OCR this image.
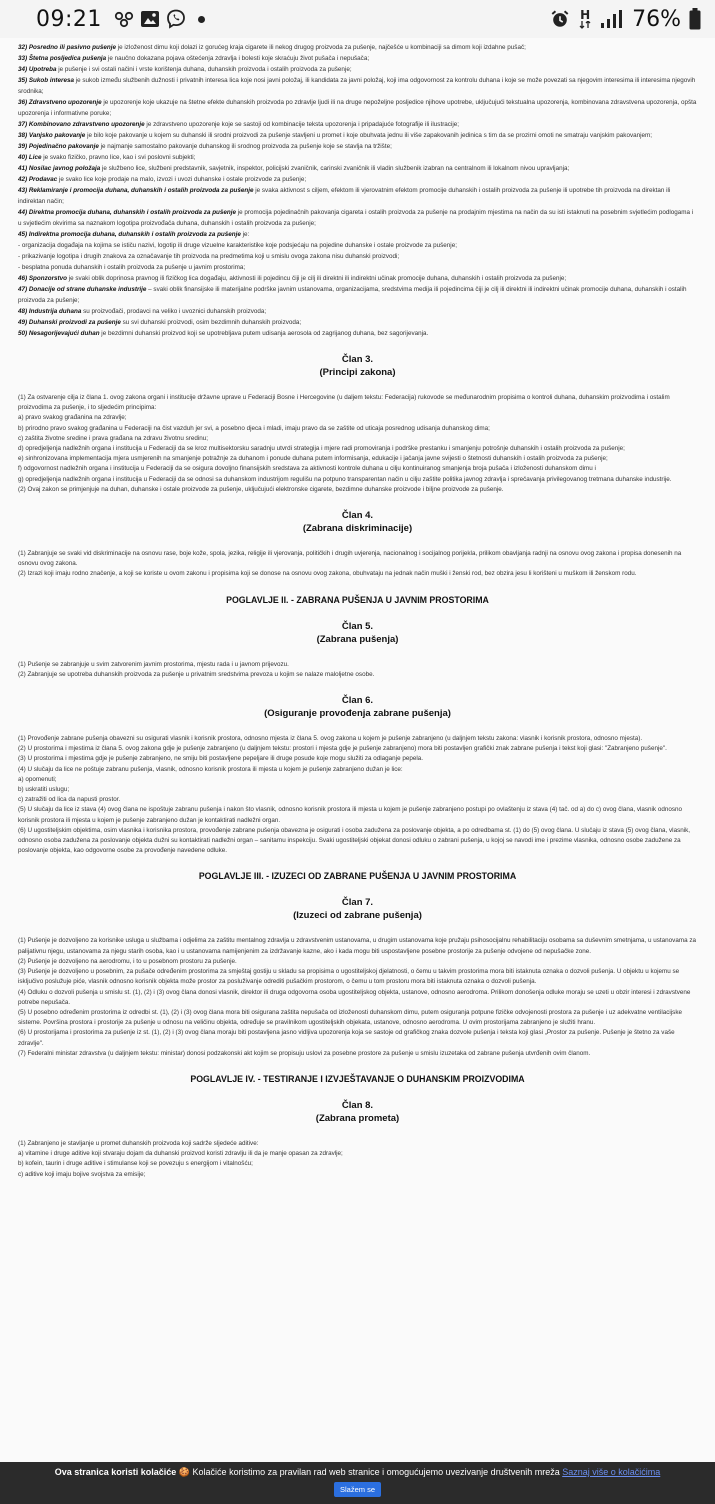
09:21	H 76%

32) Posredno ili pasivno pušenje je izloženost dimu koji dolazi iz gorućeg kraja cigarete ili nekog drugog proizvoda za pušenje, najčešće u kombinaciji sa dimom koji izdahne pušač;

33) Štetna posljedica pušenja je naučno dokazana pojava oštećenja zdravlja i bolesti koje skraćuju život pušača i nepušača;

34) Upotreba je pušenje i svi ostali načini i vrste korištenja duhana, duhanskih proizvoda i ostalih proizvoda za pušenje;

35) Sukob interesa je sukob između službenih dužnosti i privatnih interesa lica koje nosi javni položaj, ili kandidata za javni položaj, koji ima odgovornost za kontrolu duhana i koje se može povezati sa njegovim interesima ili interesima njegovih srodnika;

36) Zdravstveno upozorenje je upozorenje koje ukazuje na štetne efekte duhanskih proizvoda po zdravlje ljudi ili na druge nepoželjne posljedice njihove upotrebe, uključujući tekstualna upozorenja, kombinovana zdravstvena upozorenja, opšta upozorenja i informativne poruke;

37) Kombinovano zdravstveno upozorenje je zdravstveno upozorenje koje se sastoji od kombinacije teksta upozorenja i pripadajuće fotografije ili ilustracije;

38) Vanjsko pakovanje je bilo koje pakovanje u kojem su duhanski ili srodni proizvodi za pušenje stavljeni u promet i koje obuhvata jednu ili više zapakovanih jedinica s tim da se prozirni omoti ne smatraju vanjskim pakovanjem;

39) Pojedinačno pakovanje je najmanje samostalno pakovanje duhanskog ili srodnog proizvoda za pušenje koje se stavlja na tržište;

40) Lice je svako fizičko, pravno lice, kao i svi poslovni subjekti;

41) Nosilac javnog položaja je službeno lice, službeni predstavnik, savjetnik, inspektor, policijski zvaničnik, carinski zvaničnik ili vladin službenik izabran na centralnom ili lokalnom nivou upravljanja;

42) Prodavac je svako lice koje prodaje na malo, izvozi i uvozi duhanske i ostale proizvode za pušenje;

43) Reklamiranje i promocija duhana, duhanskih i ostalih proizvoda za pušenje je svaka aktivnost s ciljem, efektom ili vjerovatnim efektom promocije duhanskih i ostalih proizvoda za pušenje ili upotrebe tih proizvoda na direktan ili indirektan način;

44) Direktna promocija duhana, duhanskih i ostalih proizvoda za pušenje je promocija pojedinačnih pakovanja cigareta i ostalih proizvoda za pušenje na prodajnim mjestima na način da su isti istaknuti na posebnim svjetlećim podlogama i u svjetlećim okvirima sa naznakom logotipa proizvođača duhana, duhanskih i ostalih proizvoda za pušenje;

45) Indirektna promocija duhana, duhanskih i ostalih proizvoda za pušenje je:

- organizacija događaja na kojima se ističu nazivi, logotip ili druge vizuelne karakteristike koje podsjećaju na pojedine duhanske i ostale proizvode za pušenje;

- prikazivanje logotipa i drugih znakova za označavanje tih proizvoda na predmetima koji u smislu ovoga zakona nisu duhanski proizvodi;

- besplatna ponuda duhanskih i ostalih proizvoda za pušenje u javnim prostorima;

46) Sponzorstvo je svaki oblik doprinosa pravnog ili fizičkog lica događaju, aktivnosti ili pojedincu čiji je cilj ili direktni ili indirektni učinak promocije duhana, duhanskih i ostalih proizvoda za pušenje;

47) Donacije od strane duhanske industrije – svaki oblik finansijske ili materijalne podrške javnim ustanovama, organizacijama, sredstvima medija ili pojedincima čiji je cilj ili direktni ili indirektni učinak promocije duhana, duhanskih i ostalih proizvoda za pušenje;

48) Industrija duhana su proizvođači, prodavci na veliko i uvoznici duhanskih proizvoda;

49) Duhanski proizvodi za pušenje su svi duhanski proizvodi, osim bezdimnih duhanskih proizvoda;

50) Nesagorijevajući duhan je bezdimni duhanski proizvod koji se upotrebljava putem udisanja aerosola od zagrijanog duhana, bez sagorijevanja.

Član 3.
(Principi zakona)

(1) Za ostvarenje cilja iz člana 1. ovog zakona organi i institucije državne uprave u Federaciji Bosne i Hercegovine (u daljem tekstu: Federacija) rukovode se međunarodnim propisima o kontroli duhana, duhanskim proizvodima i ostalim proizvodima za pušenje, i to sljedećim principima:

a) pravo svakog građanina na zdravlje;

b) prirodno pravo svakog građanina u Federaciji na čist vazduh jer svi, a posebno djeca i mladi, imaju pravo da se zaštite od uticaja posrednog udisanja duhanskog dima;

c) zaštita životne sredine i prava građana na zdravu životnu sredinu;

d) opredjeljenja nadležnih organa i institucija u Federaciji da se kroz multisektorsku saradnju utvrdi strategija i mjere radi promoviranja i podrške prestanku i smanjenju potrošnje duhanskih i ostalih proizvoda za pušenje;

e) sinhronizovana implementacija mjera usmjerenih na smanjenje potražnje za duhanom i ponude duhana putem informisanja, edukacije i jačanja javne svijesti o štetnosti duhanskih i ostalih proizvoda za pušenje;

f) odgovornost nadležnih organa i institucija u Federaciji da se osigura dovoljno finansijskih sredstava za aktivnosti kontrole duhana u cilju kontinuiranog smanjenja broja pušača i izloženosti duhanskom dimu i

g) opredjeljenja nadležnih organa i institucija u Federaciji da se odnosi sa duhanskom industrijom regulišu na potpuno transparentan način u cilju zaštite politika javnog zdravlja i sprečavanja privilegovanog tretmana duhanske industrije.

(2) Ovaj zakon se primjenjuje na duhan, duhanske i ostale proizvode za pušenje, uključujući elektronske cigarete, bezdimne duhanske proizvode i biljne proizvode za pušenje.

Član 4.
(Zabrana diskriminacije)

(1) Zabranjuje se svaki vid diskriminacije na osnovu rase, boje kože, spola, jezika, religije ili vjerovanja, političkih i drugih uvjerenja, nacionalnog i socijalnog porijekla, prilikom obavljanja radnji na osnovu ovog zakona i propisa donesenih na osnovu ovog zakona.

(2) Izrazi koji imaju rodno značenje, a koji se koriste u ovom zakonu i propisima koji se donose na osnovu ovog zakona, obuhvataju na jednak način muški i ženski rod, bez obzira jesu li korišteni u muškom ili ženskom rodu.

POGLAVLJE II. - ZABRANA PUŠENJA U JAVNIM PROSTORIMA
Član 5.
(Zabrana pušenja)

(1) Pušenje se zabranjuje u svim zatvorenim javnim prostorima, mjestu rada i u javnom prijevozu.

(2) Zabranjuje se upotreba duhanskih proizvoda za pušenje u privatnim sredstvima prevoza u kojim se nalaze maloljetne osobe.

Član 6.
(Osiguranje provođenja zabrane pušenja)

(1) Provođenje zabrane pušenja obavezni su osigurati vlasnik i korisnik prostora, odnosno mjesta iz člana 5. ovog zakona u kojem je pušenje zabranjeno (u daljnjem tekstu zakona: vlasnik i korisnik prostora, odnosno mjesta).

(2) U prostorima i mjestima iz člana 5. ovog zakona gdje je pušenje zabranjeno (u daljnjem tekstu: prostori i mjesta gdje je pušenje zabranjeno) mora biti postavljen grafički znak zabrane pušenja i tekst koji glasi: "Zabranjeno pušenje".

(3) U prostorima i mjestima gdje je pušenje zabranjeno, ne smiju biti postavljene pepeljare ili druge posude koje mogu služiti za odlaganje pepela.

(4) U slučaju da lice ne poštuje zabranu pušenja, vlasnik, odnosno korisnik prostora ili mjesta u kojem je pušenje zabranjeno dužan je lice:

a) opomenuti;

b) uskratiti uslugu;

c) zatražiti od lica da napusti prostor.

(5) U slučaju da lice iz stava (4) ovog člana ne ispoštuje zabranu pušenja i nakon što vlasnik, odnosno korisnik prostora ili mjesta u kojem je pušenje zabranjeno postupi po ovlaštenju iz stava (4) tač. od a) do c) ovog člana, vlasnik odnosno korisnik prostora ili mjesta u kojem je pušenje zabranjeno dužan je kontaktirati nadležni organ.

(6) U ugostiteljskim objektima, osim vlasnika i korisnika prostora, provođenje zabrane pušenja obavezna je osigurati i osoba zadužena za poslovanje objekta, a po odredbama st. (1) do (5) ovog člana. U slučaju iz stava (5) ovog člana, vlasnik, odnosno osoba zadužena za poslovanje objekta dužni su kontaktirati nadležni organ – sanitarnu inspekciju. Svaki ugostiteljski objekat donosi odluku o zabrani pušenja, u kojoj se navodi ime i prezime vlasnika, odnosno osobe zadužene za poslovanje objekta, kao odgovorne osobe za provođenje navedene odluke.

POGLAVLJE III. - IZUZECI OD ZABRANE PUŠENJA U JAVNIM PROSTORIMA
Član 7.
(Izuzeci od zabrane pušenja)

(1) Pušenje je dozvoljeno za korisnike usluga u službama i odjelima za zaštitu mentalnog zdravlja u zdravstvenim ustanovama, u drugim ustanovama koje pružaju psihosocijalnu rehabilitaciju osobama sa duševnim smetnjama, u ustanovama za palijativnu njegu, ustanovama za njegu starih osoba, kao i u ustanovama namijenjenim za izdržavanje kazne, ako i kada mogu biti uspostavljene posebne prostorije za pušenje odvojene od nepušačke zone.

(2) Pušenje je dozvoljeno na aerodromu, i to u posebnom prostoru za pušenje.

(3) Pušenje je dozvoljeno u posebnim, za pušače određenim prostorima za smještaj gostiju u skladu sa propisima o ugostiteljskoj djelatnosti, o čemu u takvim prostorima mora biti istaknuta oznaka o dozvoli pušenja. U objektu u kojemu se isključivo poslužuje piće, vlasnik odnosno korisnik objekta može prostor za posluživanje odrediti pušačkim prostorom, o čemu u tom prostoru mora biti istaknuta oznaka o dozvoli pušenja.

(4) Odluku o dozvoli pušenja u smislu st. (1), (2) i (3) ovog člana donosi vlasnik, direktor ili druga odgovorna osoba ugostiteljskog objekta, ustanove, odnosno aerodroma. Prilikom donošenja odluke moraju se uzeti u obzir interesi i zdravstvene potrebe nepušača.

(5) U posebno određenim prostorima iz odredbi st. (1), (2) i (3) ovog člana mora biti osigurana zaštita nepušača od izloženosti duhanskom dimu, putem osiguranja potpune fizičke odvojenosti prostora za pušenje i uz adekvatne ventilacijske sisteme. Površina prostora i prostorije za pušenje u odnosu na veličinu objekta, određuje se pravilnikom ugostiteljskih objekata, ustanove, odnosno aerodroma. U ovim prostorijama zabranjeno je služiti hranu.

(6) U prostorijama i prostorima za pušenje iz st. (1), (2) i (3) ovog člana moraju biti postavljena jasno vidljiva upozorenja koja se sastoje od grafičkog znaka dozvole pušenja i teksta koji glasi „Prostor za pušenje. Pušenje je štetno za vaše zdravlje".

(7) Federalni ministar zdravstva (u daljnjem tekstu: ministar) donosi podzakonski akt kojim se propisuju uslovi za posebne prostore za pušenje u smislu izuzetaka od zabrane pušenja utvrđenih ovim članom.

POGLAVLJE IV. - TESTIRANJE I IZVJEŠTAVANJE O DUHANSKIM PROIZVODIMA
Član 8.
(Zabrana prometa)

(1) Zabranjeno je stavljanje u promet duhanskih proizvoda koji sadrže sljedeće aditive:

a) vitamine i druge aditive koji stvaraju dojam da duhanski proizvod koristi zdravlju ili da je manje opasan za zdravlje;

b) kofein, taurin i druge aditive i stimulanse koji se povezuju s energijom i vitalnošću;

c) aditive koji imaju bojive svojstva za emisije;

Ova stranica koristi kolačiće 🍪 Kolačiće koristimo za pravilan rad web stranice i omogućujemo uvezivanje društvenih mreža Saznaj više o kolačićima
Slažem se
